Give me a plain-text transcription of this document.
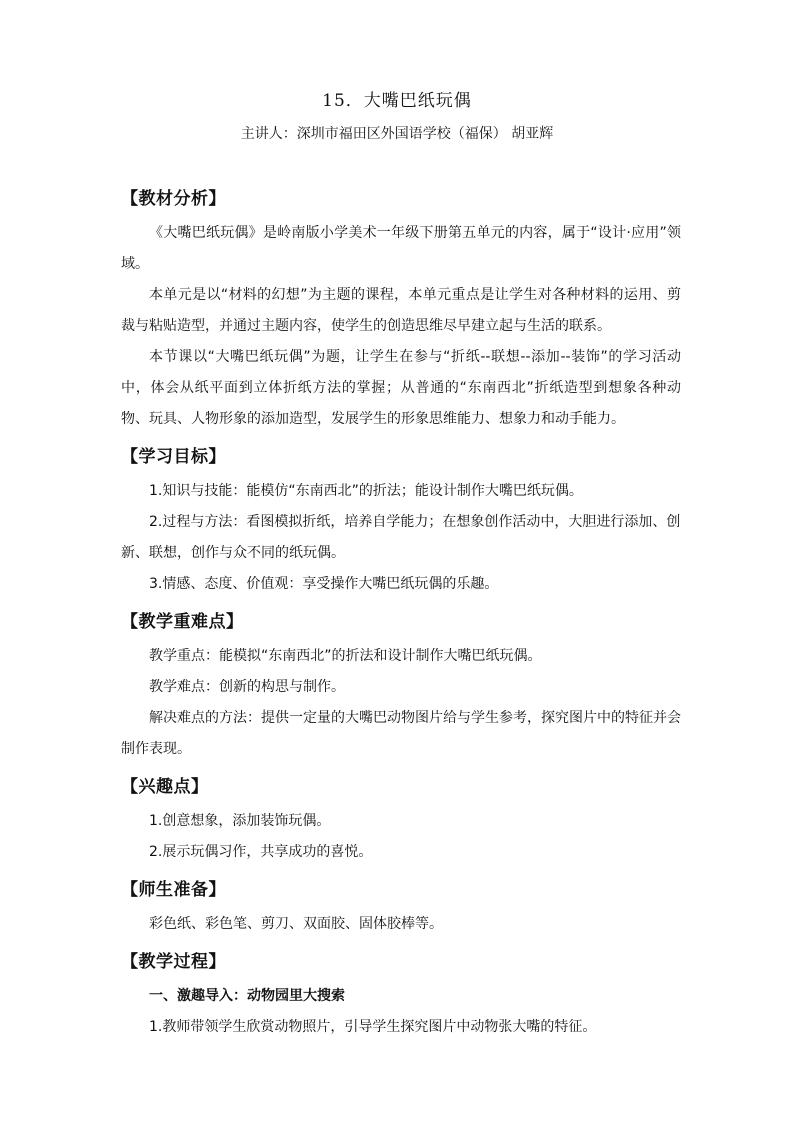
15．大嘴巴纸玩偶
主讲人：深圳市福田区外国语学校（福保） 胡亚辉

【教材分析】

《大嘴巴纸玩偶》是岭南版小学美术一年级下册第五单元的内容，属于“设计·应用”领域。

本单元是以“材料的幻想”为主题的课程，本单元重点是让学生对各种材料的运用、剪裁与粘贴造型，并通过主题内容，使学生的创造思维尽早建立起与生活的联系。

本节课以“大嘴巴纸玩偶”为题，让学生在参与“折纸--联想--添加--装饰”的学习活动中，体会从纸平面到立体折纸方法的掌握；从普通的“东南西北”折纸造型到想象各种动物、玩具、人物形象的添加造型，发展学生的形象思维能力、想象力和动手能力。

【学习目标】

1.知识与技能：能模仿“东南西北”的折法；能设计制作大嘴巴纸玩偶。

2.过程与方法：看图模拟折纸，培养自学能力；在想象创作活动中，大胆进行添加、创新、联想，创作与众不同的纸玩偶。

3.情感、态度、价值观：享受操作大嘴巴纸玩偶的乐趣。

【教学重难点】

教学重点：能模拟“东南西北”的折法和设计制作大嘴巴纸玩偶。

教学难点：创新的构思与制作。

解决难点的方法：提供一定量的大嘴巴动物图片给与学生参考，探究图片中的特征并会制作表现。

【兴趣点】

1.创意想象，添加装饰玩偶。

2.展示玩偶习作，共享成功的喜悦。

【师生准备】

彩色纸、彩色笔、剪刀、双面胶、固体胶棒等。

【教学过程】

一、激趣导入：动物园里大搜索

1.教师带领学生欣赏动物照片，引导学生探究图片中动物张大嘴的特征。
